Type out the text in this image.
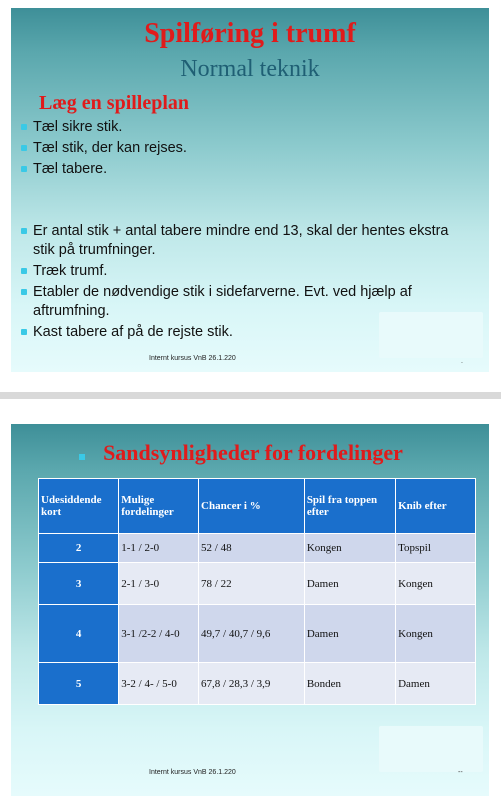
Spilføring i trumf
Normal teknik
Læg en spilleplan
Tæl sikre stik.
Tæl stik, der kan rejses.
Tæl tabere.
Er antal stik + antal tabere mindre end 13, skal der hentes ekstra stik på trumfninger.
Træk trumf.
Etabler de nødvendige stik i sidefarverne. Evt. ved hjælp af aftrumfning.
Kast tabere af på de rejste stik.
Internt kursus VnB 26.1.220	.
Sandsynligheder for fordelinger
Udesiddende kort	Mulige fordelinger	Chancer i %	Spil fra toppen efter	Knib efter
2	1-1 / 2-0	52 / 48	Kongen	Topspil
3	2-1 / 3-0	78 / 22	Damen	Kongen
4	3-1 /2-2 / 4-0	49,7 / 40,7 / 9,6	Damen	Kongen
5	3-2 / 4- / 5-0	67,8 / 28,3 / 3,9	Bonden	Damen
Internt kursus VnB 26.1.220	--
